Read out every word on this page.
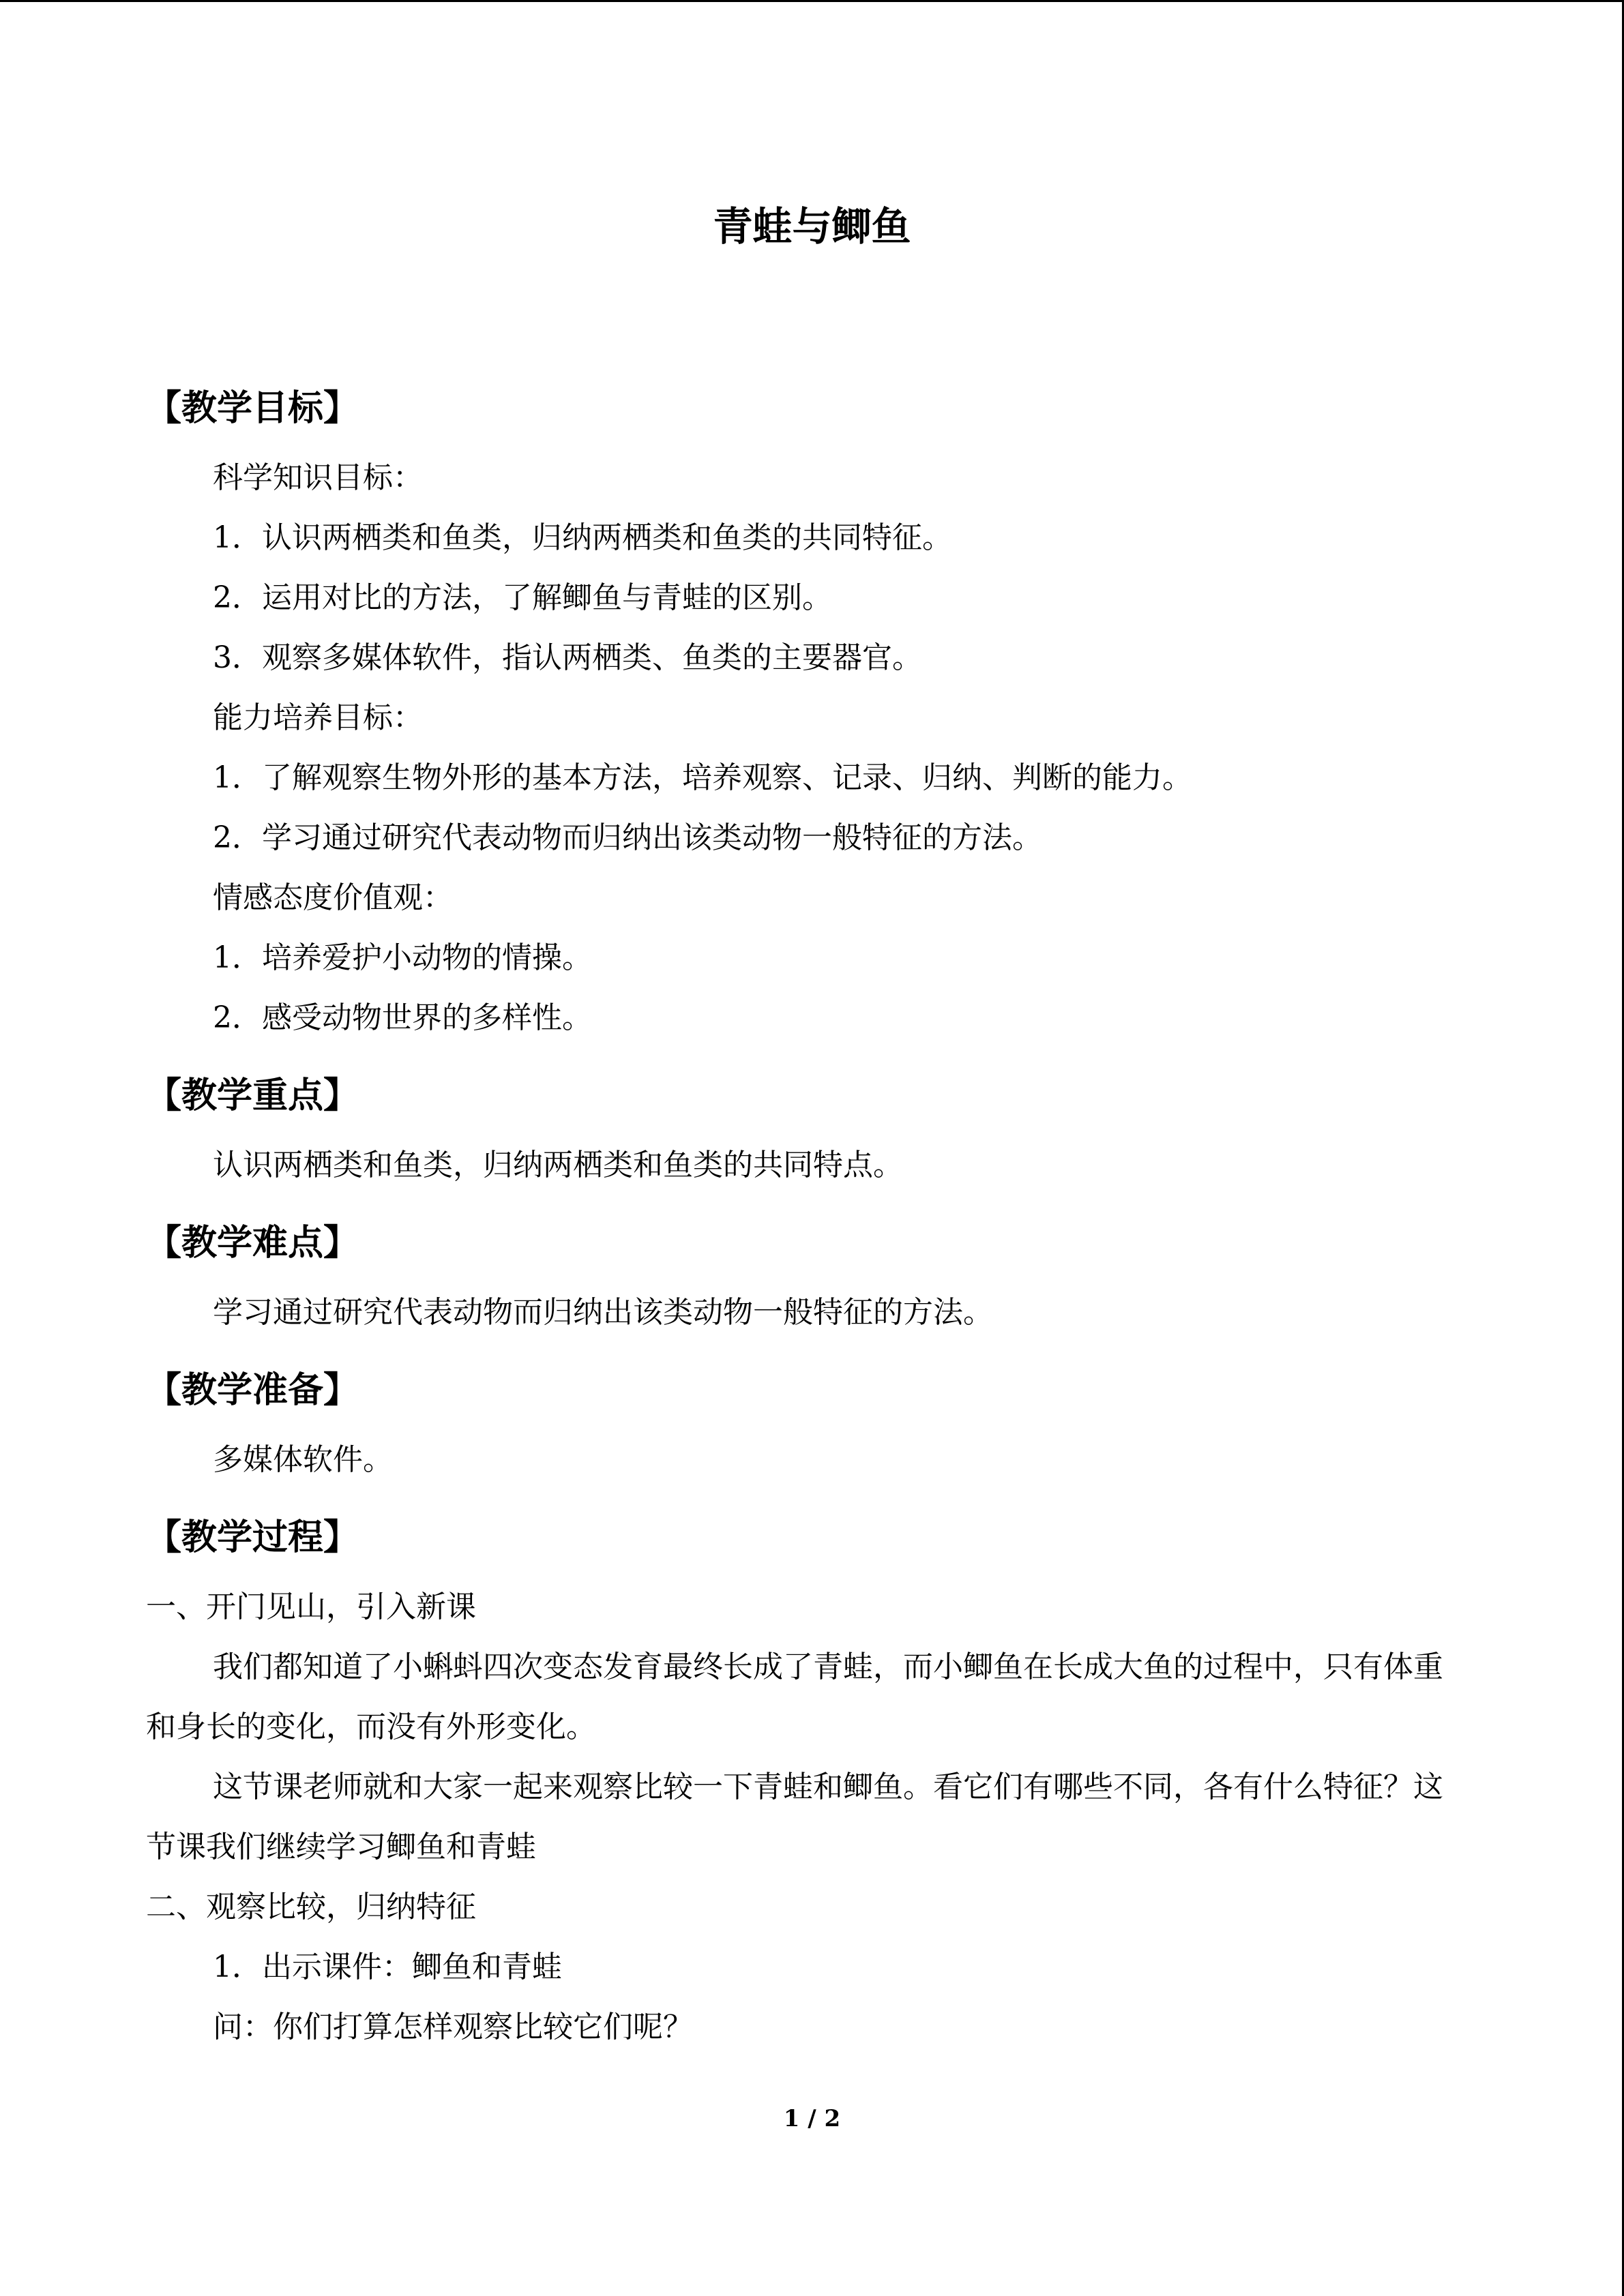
青蛙与鲫鱼
【教学目标】

科学知识目标：

1．认识两栖类和鱼类，归纳两栖类和鱼类的共同特征。

2．运用对比的方法，了解鲫鱼与青蛙的区别。

3．观察多媒体软件，指认两栖类、鱼类的主要器官。

能力培养目标：

1．了解观察生物外形的基本方法，培养观察、记录、归纳、判断的能力。

2．学习通过研究代表动物而归纳出该类动物一般特征的方法。

情感态度价值观：

1．培养爱护小动物的情操。

2．感受动物世界的多样性。

【教学重点】

认识两栖类和鱼类，归纳两栖类和鱼类的共同特点。

【教学难点】

学习通过研究代表动物而归纳出该类动物一般特征的方法。

【教学准备】

多媒体软件。

【教学过程】

一、开门见山，引入新课

我们都知道了小蝌蚪四次变态发育最终长成了青蛙，而小鲫鱼在长成大鱼的过程中，只有体重和身长的变化，而没有外形变化。

这节课老师就和大家一起来观察比较一下青蛙和鲫鱼。看它们有哪些不同，各有什么特征？这节课我们继续学习鲫鱼和青蛙

二、观察比较，归纳特征

1．出示课件：鲫鱼和青蛙

问：你们打算怎样观察比较它们呢？

1 / 2
